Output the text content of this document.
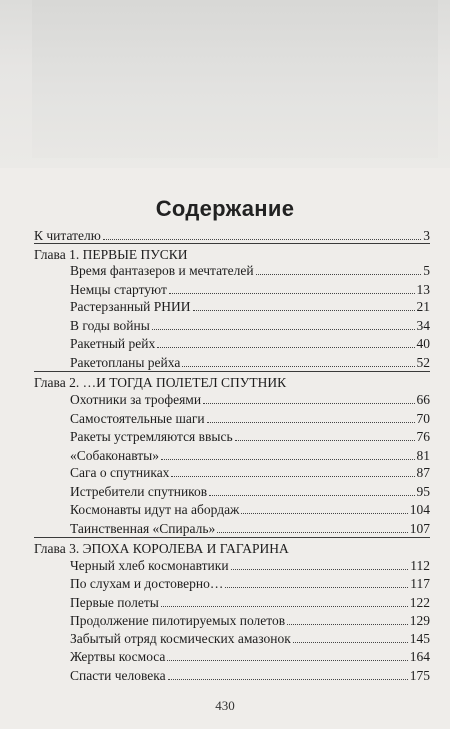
Содержание
К читателю	3
Глава 1. ПЕРВЫЕ ПУСКИ
Время фантазеров и мечтателей	5
Немцы стартуют	13
Растерзанный РНИИ	21
В годы войны	34
Ракетный рейх	40
Ракетопланы рейха	52
Глава 2. …И ТОГДА ПОЛЕТЕЛ СПУТНИК
Охотники за трофеями	66
Самостоятельные шаги	70
Ракеты устремляются ввысь	76
«Собаконавты»	81
Сага о спутниках	87
Истребители спутников	95
Космонавты идут на абордаж	104
Таинственная «Спираль»	107
Глава 3. ЭПОХА КОРОЛЕВА И ГАГАРИНА
Черный хлеб космонавтики	112
По слухам и достоверно…	117
Первые полеты	122
Продолжение пилотируемых полетов	129
Забытый отряд космических амазонок	145
Жертвы космоса	164
Спасти человека	175
430
